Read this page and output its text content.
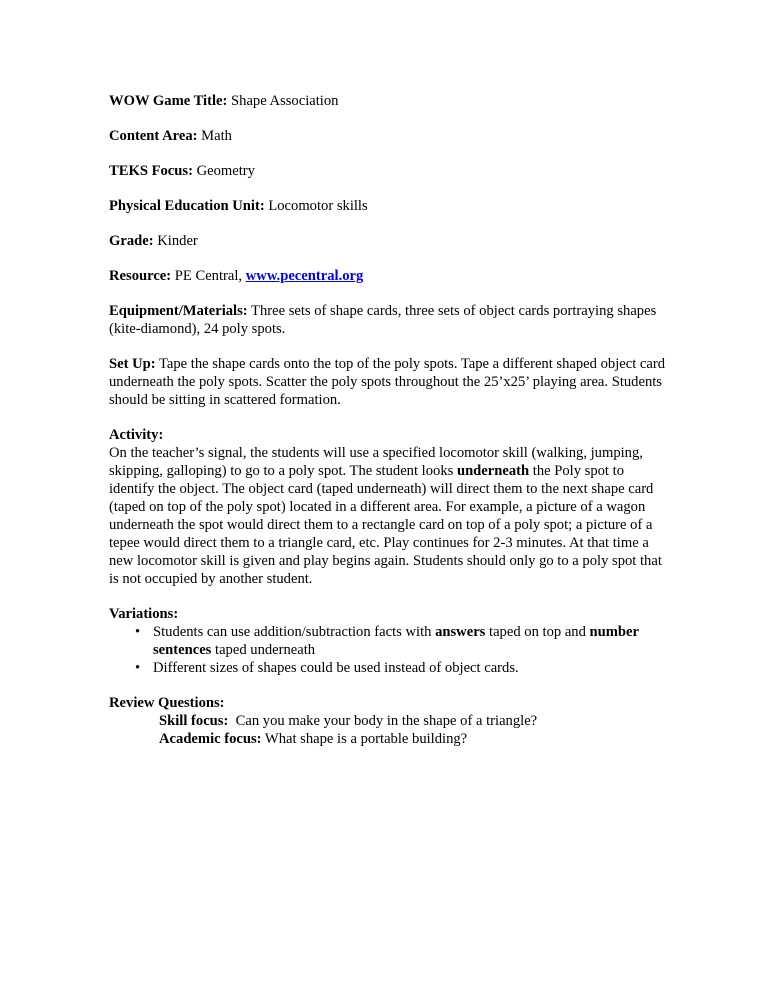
WOW Game Title: Shape Association

Content Area: Math

TEKS Focus: Geometry

Physical Education Unit: Locomotor skills

Grade: Kinder

Resource: PE Central, www.pecentral.org

Equipment/Materials: Three sets of shape cards, three sets of object cards portraying shapes (kite-diamond), 24 poly spots.

Set Up: Tape the shape cards onto the top of the poly spots. Tape a different shaped object card underneath the poly spots. Scatter the poly spots throughout the 25’x25’ playing area. Students should be sitting in scattered formation.

Activity:
On the teacher’s signal, the students will use a specified locomotor skill (walking, jumping, skipping, galloping) to go to a poly spot. The student looks underneath the Poly spot to identify the object. The object card (taped underneath) will direct them to the next shape card (taped on top of the poly spot) located in a different area. For example, a picture of a wagon underneath the spot would direct them to a rectangle card on top of a poly spot; a picture of a tepee would direct them to a triangle card, etc. Play continues for 2-3 minutes. At that time a new locomotor skill is given and play begins again. Students should only go to a poly spot that is not occupied by another student.
Variations:
• Students can use addition/subtraction facts with answers taped on top and number sentences taped underneath
• Different sizes of shapes could be used instead of object cards.
Review Questions:
Skill focus:  Can you make your body in the shape of a triangle?
Academic focus: What shape is a portable building?
